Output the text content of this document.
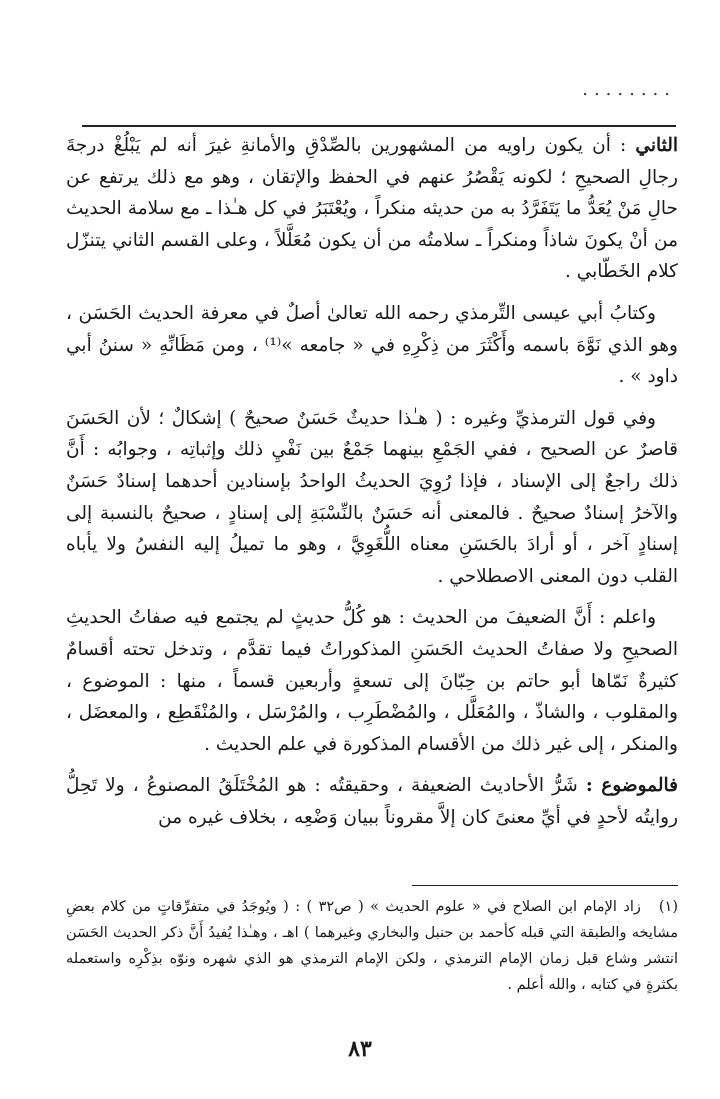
........

الثاني : أن يكون راويه من المشهورين بالصِّدْقِ والأمانةِ غيرَ أنه لم يَبْلُغْ درجةَ رجالِ الصحيحِ ؛ لكونه يَقْصُرُ عنهم في الحفظ والإتقان ، وهو مع ذلك يرتفع عن حالِ مَنْ يُعَدُّ ما يَتَفَرَّدُ به من حديثه منكراً ، ويُعْتَبَرُ في كل هـٰذا ـ مع سلامة الحديث من أنْ يكونَ شاذاً ومنكراً ـ سلامتُه من أن يكون مُعَلَّلاً ، وعلى القسم الثاني يتنزّل كلام الخَطّابي .

وكتابُ أبي عيسى التِّرمذي رحمه الله تعالىٰ أصلٌ في معرفة الحديث الحَسَن ، وهو الذي نَوَّهَ باسمه وأَكْثَرَ من ذِكْرِهِ في « جامعه »⁽¹⁾ ، ومن مَظَانِّهِ « سننُ أبي داود » .

وفي قول الترمذيِّ وغيره : ( هـٰذا حديثٌ حَسَنٌ صحيحٌ ) إشكالٌ ؛ لأن الحَسَنَ قاصرٌ عن الصحيح ، ففي الجَمْعِ بينهما جَمْعٌ بين نَفْيِ ذلك وإثباتِه ، وجوابُه : أَنَّ ذلك راجعٌ إلى الإسناد ، فإذا رُوِيَ الحديثُ الواحدُ بإسنادين أحدهما إسنادٌ حَسَنٌ والآخرُ إسنادٌ صحيحٌ . فالمعنى أنه حَسَنٌ بالنِّسْبَةِ إلى إسنادٍ ، صحيحٌ بالنسبة إلى إسنادٍ آخر ، أو أرادَ بالحَسَنِ معناه اللُّغَوِيَّ ، وهو ما تميلُ إليه النفسُ ولا يأباه القلب دون المعنى الاصطلاحي .

واعلم : أَنَّ الضعيفَ من الحديث : هو كُلُّ حديثٍ لم يجتمع فيه صفاتُ الحديثِ الصحيحِ ولا صفاتُ الحديث الحَسَنِ المذكوراتُ فيما تقدَّم ، وتدخل تحته أقسامٌ كثيرةٌ نَمّاها أبو حاتم بن حِبّانَ إلى تسعةٍ وأربعين قسماً ، منها : الموضوع ، والمقلوب ، والشاذّ ، والمُعَلَّل ، والمُضْطَرِب ، والمُرْسَل ، والمُنْقَطِع ، والمعضَل ، والمنكر ، إلى غير ذلك من الأقسام المذكورة في علم الحديث .

فالموضوع : شَرُّ الأحاديث الضعيفة ، وحقيقتُه : هو المُخْتَلَقُ المصنوعُ ، ولا تَحِلُّ روايتُه لأحدٍ في أيِّ معنىً كان إلاَّ مقروناً ببيان وَضْعِه ، بخلاف غيره من

(١)زاد الإمام ابن الصلاح في « علوم الحديث » ( ص٣٢ ) : ( ويُوجَدُ في متفرِّقاتٍ من كلام بعضِ مشايخه والطبقة التي قبله كأحمد بن حنبل والبخاري وغيرهما ) اهـ ، وهـٰذا يُفيدُ أَنَّ ذكر الحديث الحَسَن انتشر وشاع قبل زمان الإمام الترمذي ، ولكن الإمام الترمذي هو الذي شهره ونوّه بذِكْرِه واستعمله بكثرةٍ في كتابه ، والله أعلم .
٨٣
